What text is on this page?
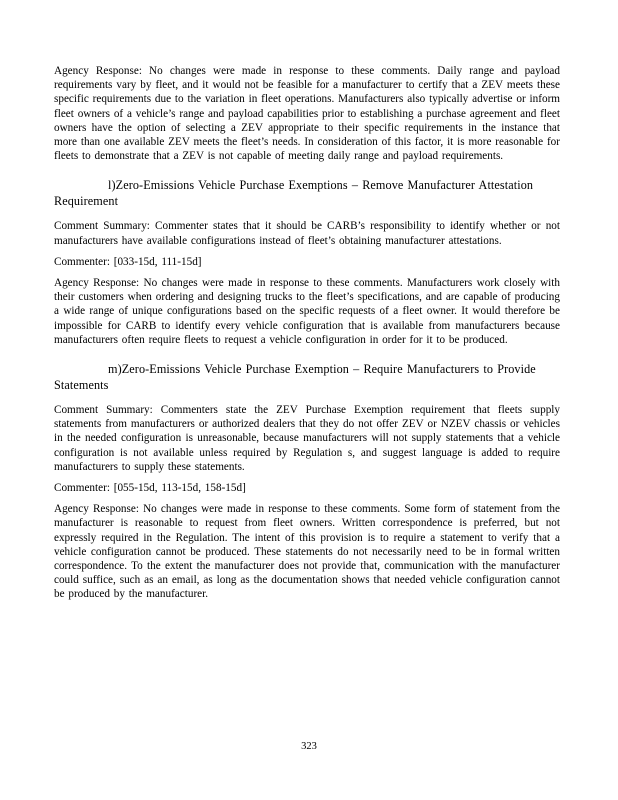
Agency Response: No changes were made in response to these comments. Daily range and payload requirements vary by fleet, and it would not be feasible for a manufacturer to certify that a ZEV meets these specific requirements due to the variation in fleet operations. Manufacturers also typically advertise or inform fleet owners of a vehicle’s range and payload capabilities prior to establishing a purchase agreement and fleet owners have the option of selecting a ZEV appropriate to their specific requirements in the instance that more than one available ZEV meets the fleet’s needs. In consideration of this factor, it is more reasonable for fleets to demonstrate that a ZEV is not capable of meeting daily range and payload requirements.

l)Zero-Emissions Vehicle Purchase Exemptions – Remove Manufacturer Attestation Requirement

Comment Summary: Commenter states that it should be CARB’s responsibility to identify whether or not manufacturers have available configurations instead of fleet’s obtaining manufacturer attestations.

Commenter: [033-15d, 111-15d]

Agency Response: No changes were made in response to these comments. Manufacturers work closely with their customers when ordering and designing trucks to the fleet’s specifications, and are capable of producing a wide range of unique configurations based on the specific requests of a fleet owner. It would therefore be impossible for CARB to identify every vehicle configuration that is available from manufacturers because manufacturers often require fleets to request a vehicle configuration in order for it to be produced.

m)Zero-Emissions Vehicle Purchase Exemption – Require Manufacturers to Provide Statements

Comment Summary: Commenters state the ZEV Purchase Exemption requirement that fleets supply statements from manufacturers or authorized dealers that they do not offer ZEV or NZEV chassis or vehicles in the needed configuration is unreasonable, because manufacturers will not supply statements that a vehicle configuration is not available unless required by Regulation s, and suggest language is added to require manufacturers to supply these statements.

Commenter: [055-15d, 113-15d, 158-15d]

Agency Response: No changes were made in response to these comments. Some form of statement from the manufacturer is reasonable to request from fleet owners. Written correspondence is preferred, but not expressly required in the Regulation. The intent of this provision is to require a statement to verify that a vehicle configuration cannot be produced. These statements do not necessarily need to be in formal written correspondence. To the extent the manufacturer does not provide that, communication with the manufacturer could suffice, such as an email, as long as the documentation shows that needed vehicle configuration cannot be produced by the manufacturer.

323
